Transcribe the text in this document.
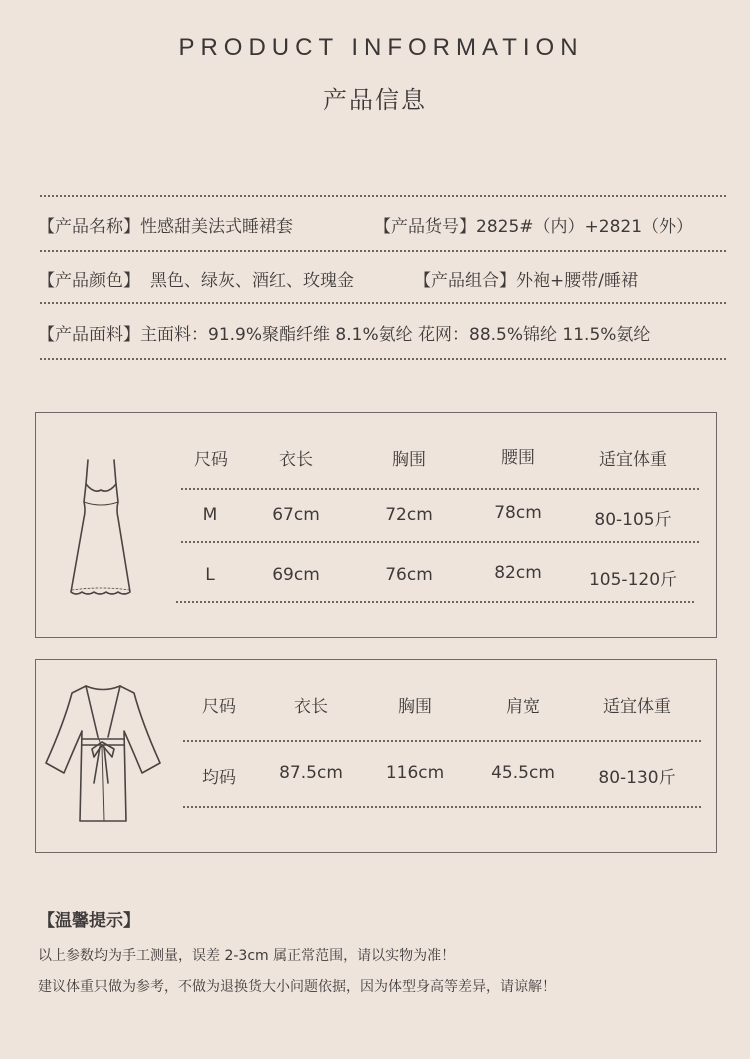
PRODUCT INFORMATION
产品信息
【产品名称】性感甜美法式睡裙套	【产品货号】2825#（内）+2821（外）
【产品颜色】 黑色、绿灰、酒红、玫瑰金	【产品组合】外袍+腰带/睡裙
【产品面料】主面料：91.9%聚酯纤维 8.1%氨纶 花网：88.5%锦纶 11.5%氨纶
尺码	衣长	胸围	腰围	适宜体重
M	67cm	72cm	78cm	80-105斤
L	69cm	76cm	82cm	105-120斤
尺码	衣长	胸围	肩宽	适宜体重
均码	87.5cm	116cm	45.5cm	80-130斤
【温馨提示】
以上参数均为手工测量，误差 2-3cm 属正常范围，请以实物为准！
建议体重只做为参考，不做为退换货大小问题依据，因为体型身高等差异，请谅解！
